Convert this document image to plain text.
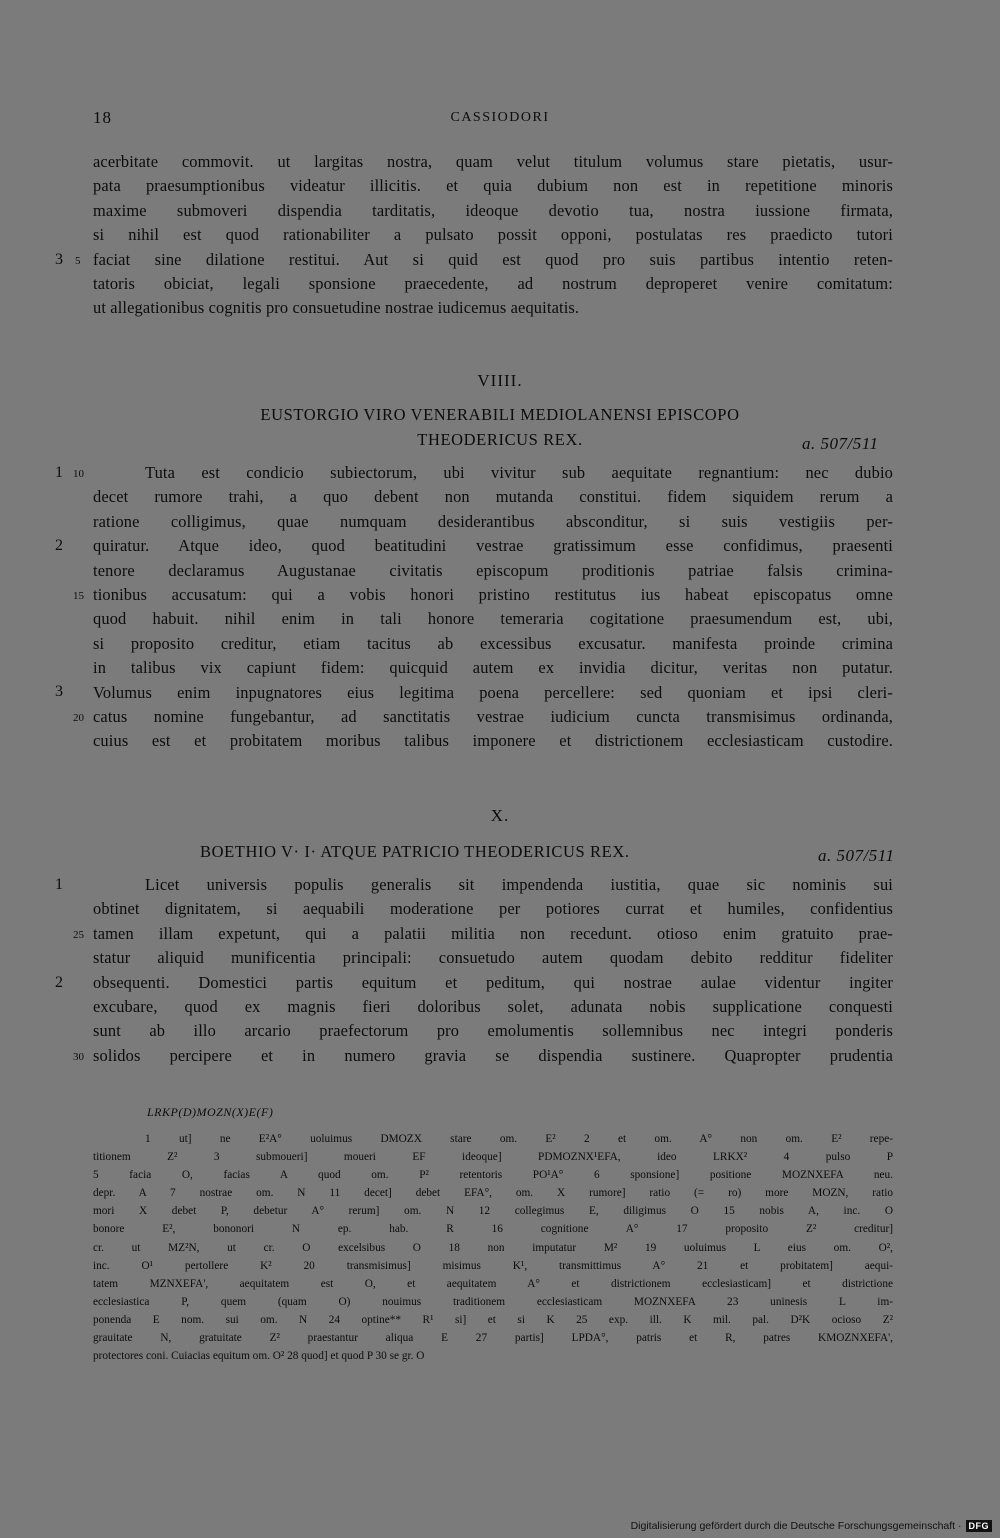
18	CASSIODORI
acerbitate commovit. ut largitas nostra, quam velut titulum volumus stare pietatis, usur-
pata praesumptionibus videatur illicitis. et quia dubium non est in repetitione minoris
maxime submoveri dispendia tarditatis, ideoque devotio tua, nostra iussione firmata,
si nihil est quod rationabiliter a pulsato possit opponi, postulatas res praedicto tutori
faciat sine dilatione restitui. Aut si quid est quod pro suis partibus intentio reten-
tatoris obiciat, legali sponsione praecedente, ad nostrum deproperet venire comitatum:
ut allegationibus cognitis pro consuetudine nostrae iudicemus aequitatis.
3 5
VIIII.
EUSTORGIO VIRO VENERABILI MEDIOLANENSI EPISCOPO
THEODERICUS REX.	a. 507/511
Tuta est condicio subiectorum, ubi vivitur sub aequitate regnantium: nec dubio
decet rumore trahi, a quo debent non mutanda constitui. fidem siquidem rerum a
ratione colligimus, quae numquam desiderantibus absconditur, si suis vestigiis per-
quiratur. Atque ideo, quod beatitudini vestrae gratissimum esse confidimus, praesenti
tenore declaramus Augustanae civitatis episcopum proditionis patriae falsis crimina-
tionibus accusatum: qui a vobis honori pristino restitutus ius habeat episcopatus omne
quod habuit. nihil enim in tali honore temeraria cogitatione praesumendum est, ubi,
si proposito creditur, etiam tacitus ab excessibus excusatur. manifesta proinde crimina
in talibus vix capiunt fidem: quicquid autem ex invidia dicitur, veritas non putatur.
Volumus enim inpugnatores eius legitima poena percellere: sed quoniam et ipsi cleri-
catus nomine fungebantur, ad sanctitatis vestrae iudicium cuncta transmisimus ordinanda,
cuius est et probitatem moribus talibus imponere et districtionem ecclesiasticam custodire.
1
2
3
10
15
20
X.
BOETHIO V· I· ATQUE PATRICIO THEODERICUS REX.	a. 507/511
Licet universis populis generalis sit impendenda iustitia, quae sic nominis sui
obtinet dignitatem, si aequabili moderatione per potiores currat et humiles, confidentius
tamen illam expetunt, qui a palatii militia non recedunt. otioso enim gratuito prae-
statur aliquid munificentia principali: consuetudo autem quodam debito redditur fideliter
obsequenti. Domestici partis equitum et peditum, qui nostrae aulae videntur ingiter
excubare, quod ex magnis fieri doloribus solet, adunata nobis supplicatione conquesti
sunt ab illo arcario praefectorum pro emolumentis sollemnibus nec integri ponderis
solidos percipere et in numero gravia se dispendia sustinere. Quapropter prudentia
1
2
25
30
LRKP(D)MOZN(X)E(F)
1 ut] ne E²A° uoluimus DMOZX stare om. E² 2 et om. A° non om. E² repe-
titionem Z² 3 submoueri] moueri EF ideoque] PDMOZNX¹EFA, ideo LRKX² 4 pulso P
5 facia O, facias A quod om. P² retentoris PO¹A° 6 sponsione] positione MOZNXEFA neu.
depr. A 7 nostrae om. N 11 decet] debet EFA°, om. X rumore] ratio (= ro) more MOZN, ratio
mori X debet P, debetur A° rerum] om. N 12 collegimus E, diligimus O 15 nobis A, inc. O
bonore E², bononori N ep. hab. R 16 cognitione A° 17 proposito Z² creditur]
cr. ut MZ²N, ut cr. O excelsibus O 18 non imputatur M² 19 uoluimus L eius om. O²,
inc. O¹ pertollere K² 20 transmisimus] misimus K¹, transmittimus A° 21 et probitatem] aequi-
tatem MZNXEFA', aequitatem est O, et aequitatem A° et districtionem ecclesiasticam] et districtione
ecclesiastica P, quem (quam O) nouimus traditionem ecclesiasticam MOZNXEFA 23 uninesis L im-
ponenda E nom. sui om. N 24 optine** R¹ si] et si K 25 exp. ill. K mil. pal. D²K ocioso Z²
grauitate N, gratuitate Z² praestantur aliqua E 27 partis] LPDA°, patris et R, patres KMOZNXEFA',
protectores coni. Cuiacias equitum om. O² 28 quod] et quod P 30 se gr. O
Digitalisierung gefördert durch die Deutsche Forschungsgemeinschaft · DFG
